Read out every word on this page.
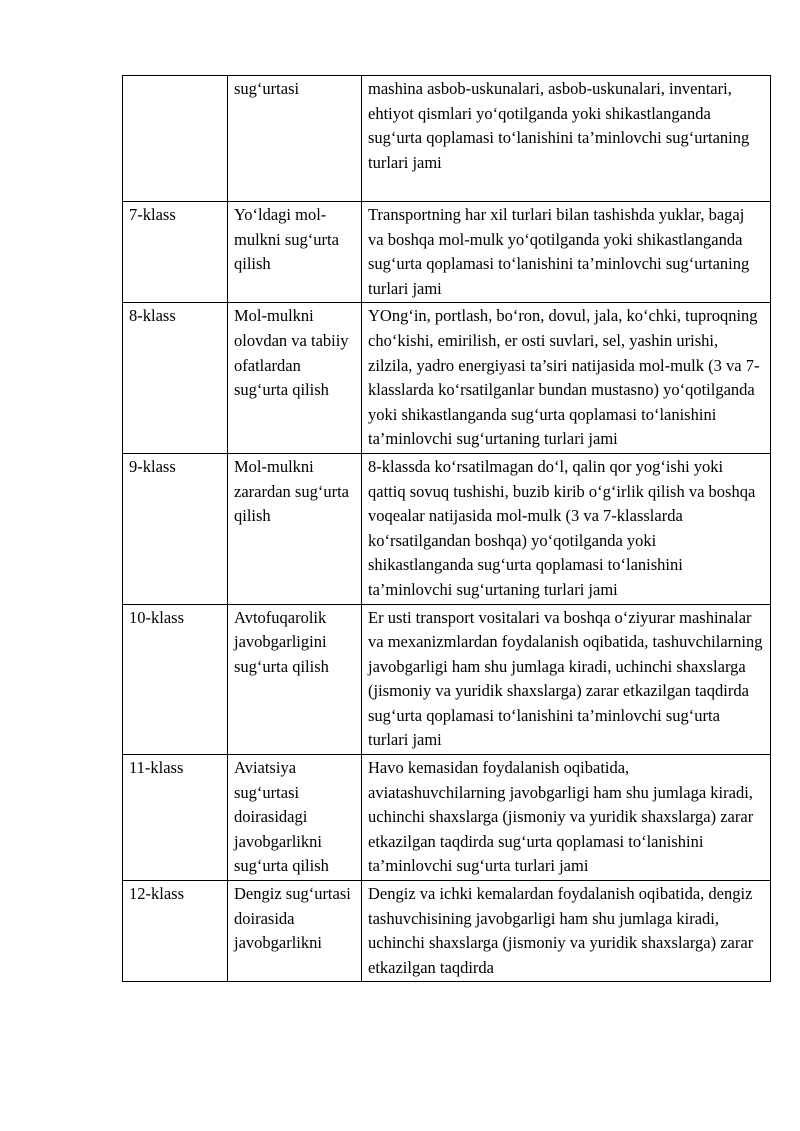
	sug‘urtasi	mashina asbob-uskunalari, asbob-uskunalari, inventari, ehtiyot qismlari yo‘qotilganda yoki shikastlanganda sug‘urta qoplamasi to‘lanishini ta’minlovchi sug‘urtaning turlari jami

7-klass	Yo‘ldagi mol-mulkni sug‘urta qilish	Transportning har xil turlari bilan tashishda yuklar, bagaj va boshqa mol-mulk yo‘qotilganda yoki shikastlanganda sug‘urta qoplamasi to‘lanishini ta’minlovchi sug‘urtaning turlari jami

8-klass	Mol-mulkni olovdan va tabiiy ofatlardan sug‘urta qilish	YOng‘in, portlash, bo‘ron, dovul, jala, ko‘chki, tuproqning cho‘kishi, emirilish, er osti suvlari, sel, yashin urishi, zilzila, yadro energiyasi ta’siri natijasida mol-mulk (3 va 7- klasslarda ko‘rsatilganlar bundan mustasno) yo‘qotilganda yoki shikastlanganda sug‘urta qoplamasi to‘lanishini ta’minlovchi sug‘urtaning turlari jami

9-klass	Mol-mulkni zarardan sug‘urta qilish	8-klassda ko‘rsatilmagan do‘l, qalin qor yog‘ishi yoki qattiq sovuq tushishi, buzib kirib o‘g‘irlik qilish va boshqa voqealar natijasida mol-mulk (3 va 7-klasslarda ko‘rsatilgandan boshqa) yo‘qotilganda yoki shikastlanganda sug‘urta qoplamasi to‘lanishini ta’minlovchi sug‘urtaning turlari jami

10-klass	Avtofuqarolik javobgarligini sug‘urta qilish	Er usti transport vositalari va boshqa o‘ziyurar mashinalar va mexanizmlardan foydalanish oqibatida, tashuvchilarning javobgarligi ham shu jumlaga kiradi, uchinchi shaxslarga (jismoniy va yuridik shaxslarga) zarar etkazilgan taqdirda sug‘urta qoplamasi to‘lanishini ta’minlovchi sug‘urta turlari jami

11-klass	Aviatsiya sug‘urtasi doirasidagi javobgarlikni sug‘urta qilish	Havo kemasidan foydalanish oqibatida, aviatashuvchilarning javobgarligi ham shu jumlaga kiradi, uchinchi shaxslarga (jismoniy va yuridik shaxslarga) zarar etkazilgan taqdirda sug‘urta qoplamasi to‘lanishini ta’minlovchi sug‘urta turlari jami

12-klass	Dengiz sug‘urtasi doirasida javobgarlikni	Dengiz va ichki kemalardan foydalanish oqibatida, dengiz tashuvchisining javobgarligi ham shu jumlaga kiradi, uchinchi shaxslarga (jismoniy va yuridik shaxslarga) zarar etkazilgan taqdirda
